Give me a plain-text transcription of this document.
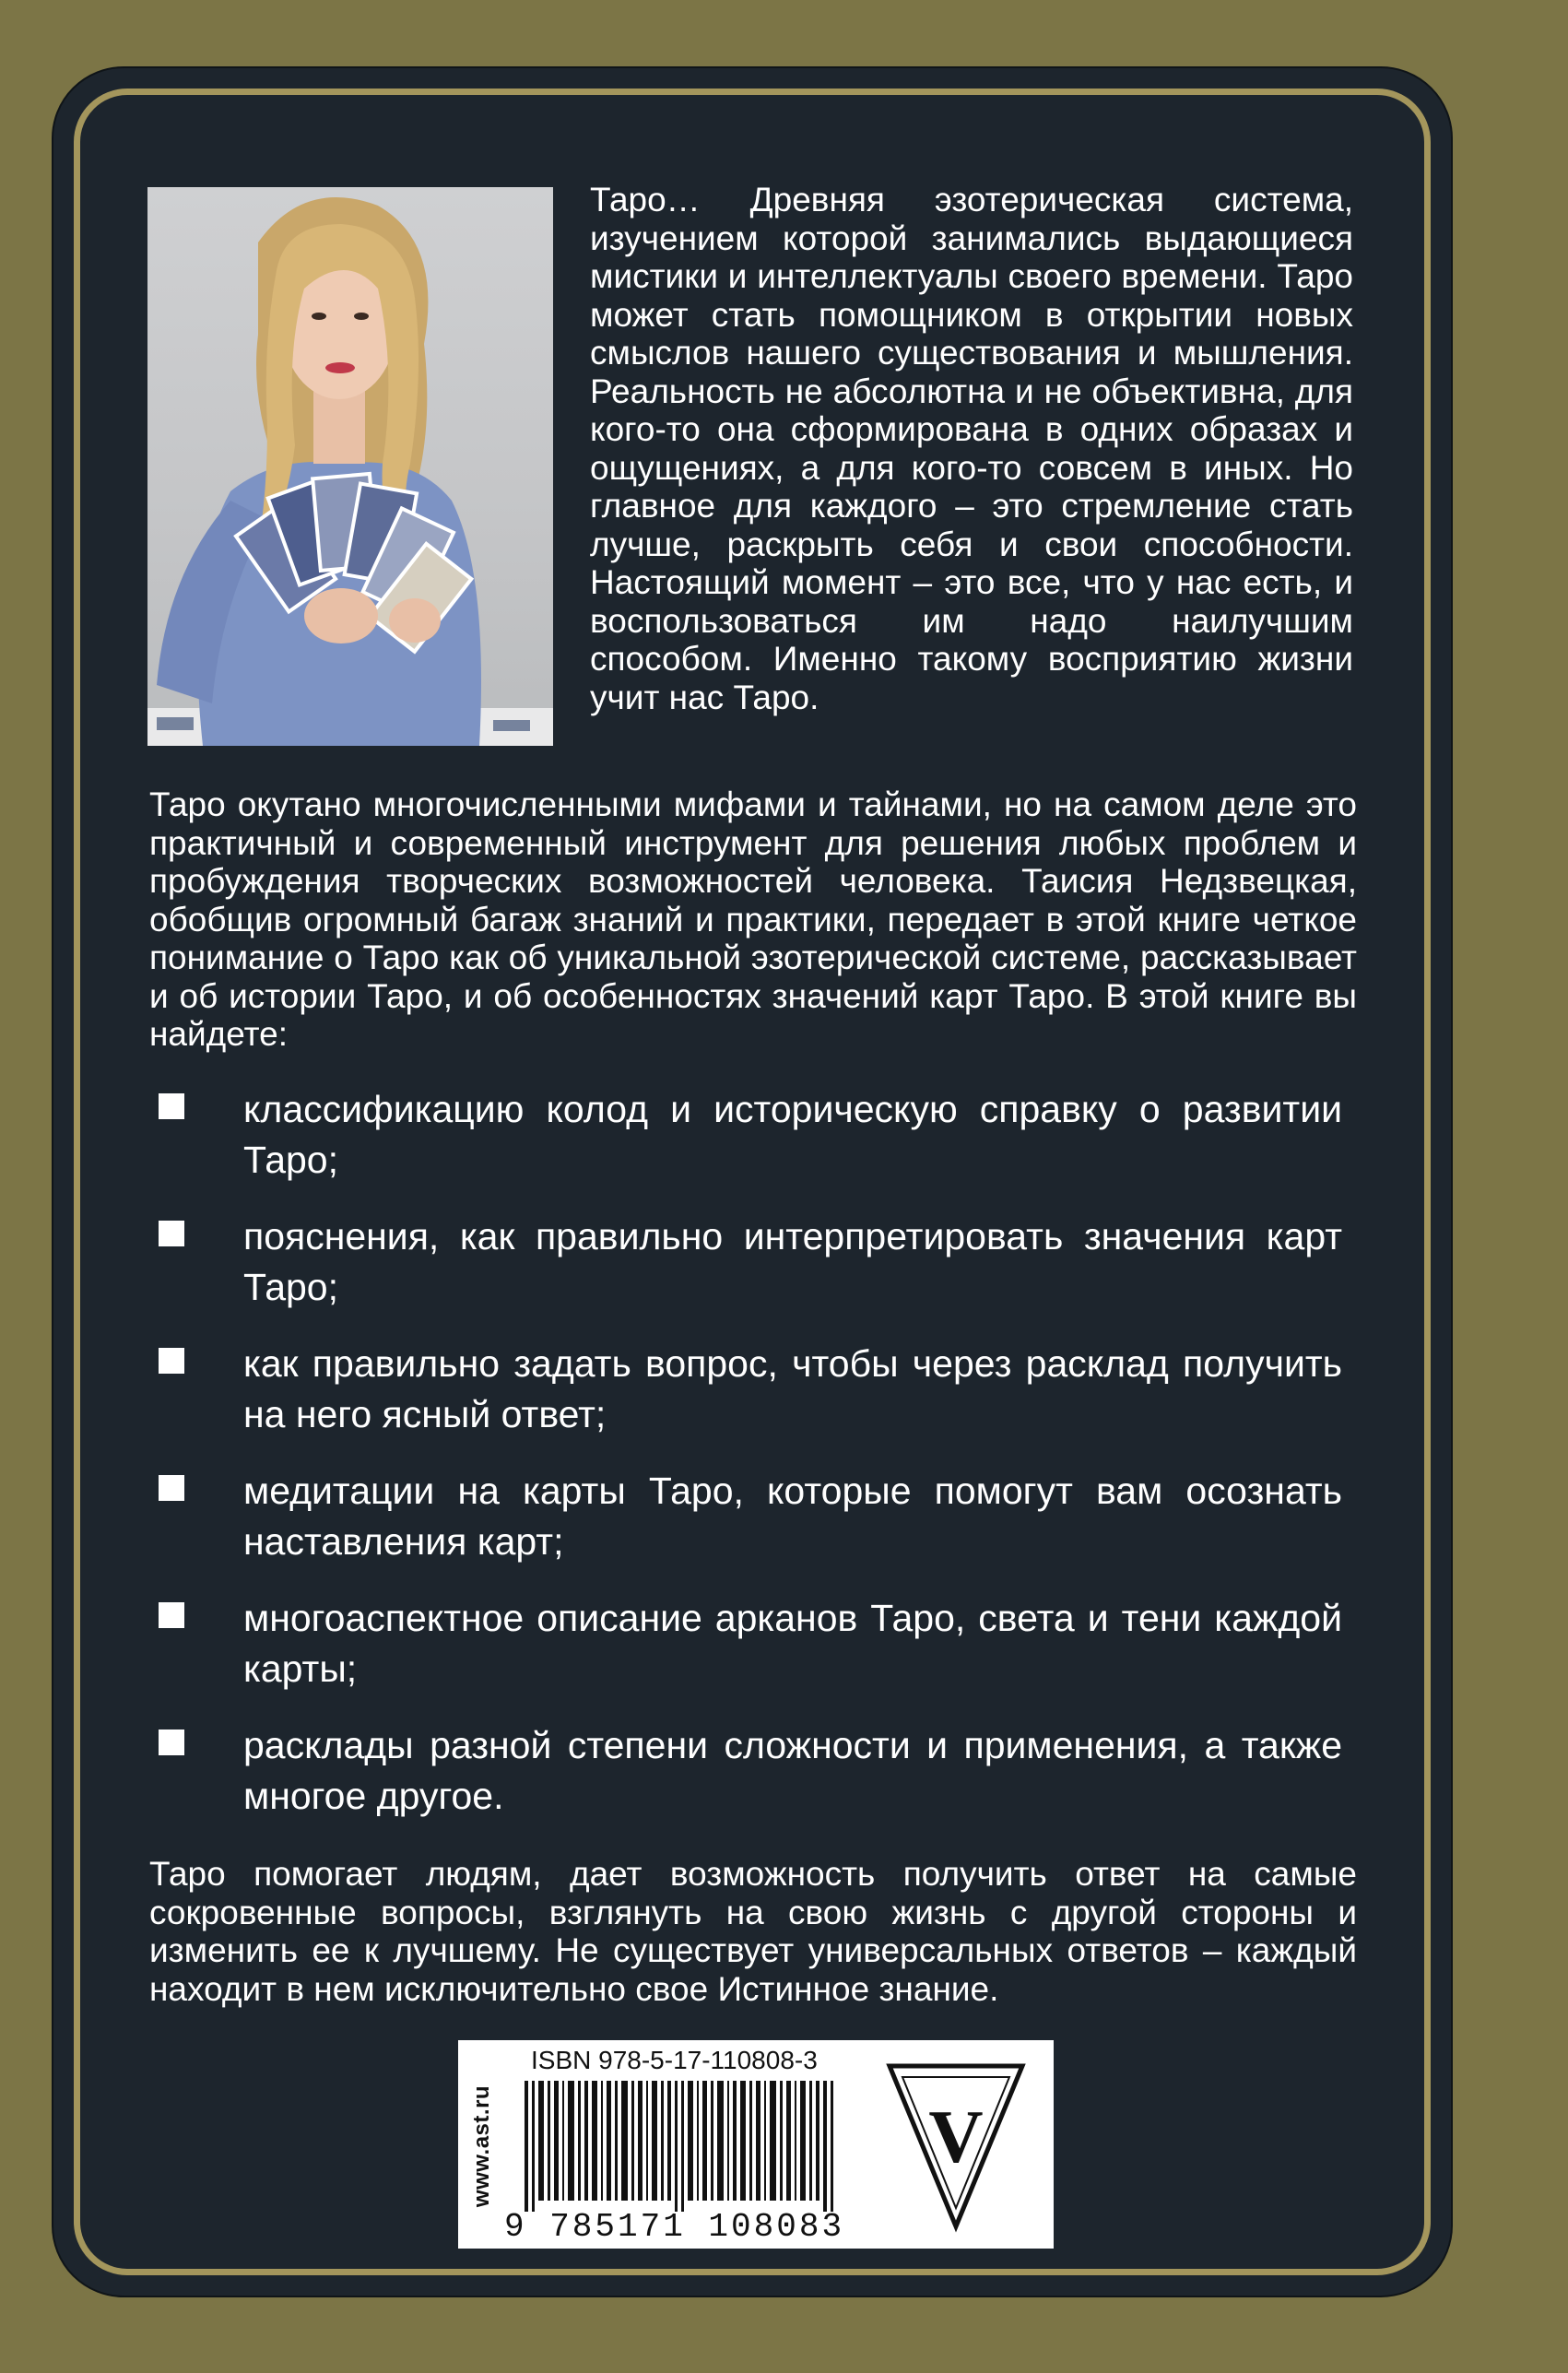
Таро… Древняя эзотерическая система, изучением которой занимались выдающиеся мистики и интеллектуалы своего времени. Таро может стать помощником в открытии новых смыслов нашего существования и мышления. Реальность не абсолютна и не объективна, для кого-то она сформирована в одних образах и ощущениях, а для кого-то совсем в иных. Но главное для каждого – это стремление стать лучше, раскрыть себя и свои способности. Настоящий момент – это все, что у нас есть, и воспользоваться им надо наилучшим способом. Именно такому восприятию жизни учит нас Таро.
Таро окутано многочисленными мифами и тайнами, но на самом деле это практичный и современный инструмент для решения любых проблем и пробуждения творческих возможностей человека. Таисия Недзвецкая, обобщив огромный багаж знаний и практики, передает в этой книге четкое понимание о Таро как об уникальной эзотерической системе, рассказывает и об истории Таро, и об особенностях значений карт Таро. В этой книге вы найдете:
классификацию колод и историческую справку о развитии Таро;
пояснения, как правильно интерпретировать значения карт Таро;
как правильно задать вопрос, чтобы через расклад получить на него ясный ответ;
медитации на карты Таро, которые помогут вам осознать наставления карт;
многоаспектное описание арканов Таро, света и тени каждой карты;
расклады разной степени сложности и применения, а также многое другое.
Таро помогает людям, дает возможность получить ответ на самые сокровенные вопросы, взглянуть на свою жизнь с другой стороны и изменить ее к лучшему. Не существует универсальных ответов – каждый находит в нем исключительно свое Истинное знание.
www.ast.ru
ISBN 978-5-17-110808-3
9 785171 108083
V
